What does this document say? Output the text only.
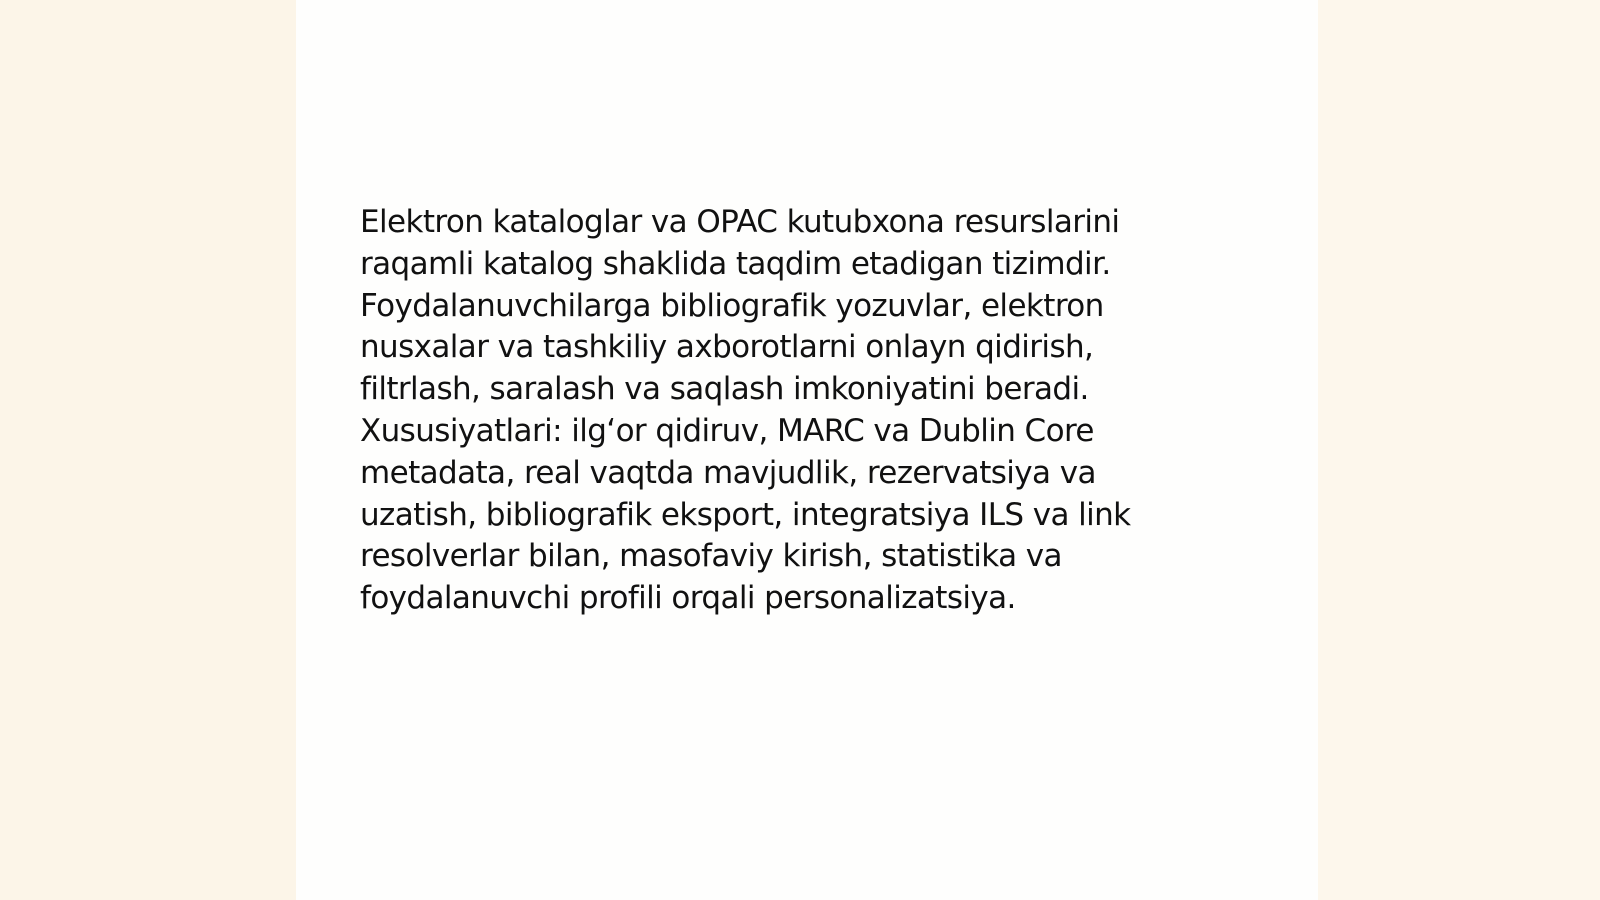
Elektron kataloglar va OPAC kutubxona resurslarini
raqamli katalog shaklida taqdim etadigan tizimdir.
Foydalanuvchilarga bibliografik yozuvlar, elektron
nusxalar va tashkiliy axborotlarni onlayn qidirish,
filtrlash, saralash va saqlash imkoniyatini beradi.
Xususiyatlari: ilg‘or qidiruv, MARC va Dublin Core
metadata, real vaqtda mavjudlik, rezervatsiya va
uzatish, bibliografik eksport, integratsiya ILS va link
resolverlar bilan, masofaviy kirish, statistika va
foydalanuvchi profili orqali personalizatsiya.
